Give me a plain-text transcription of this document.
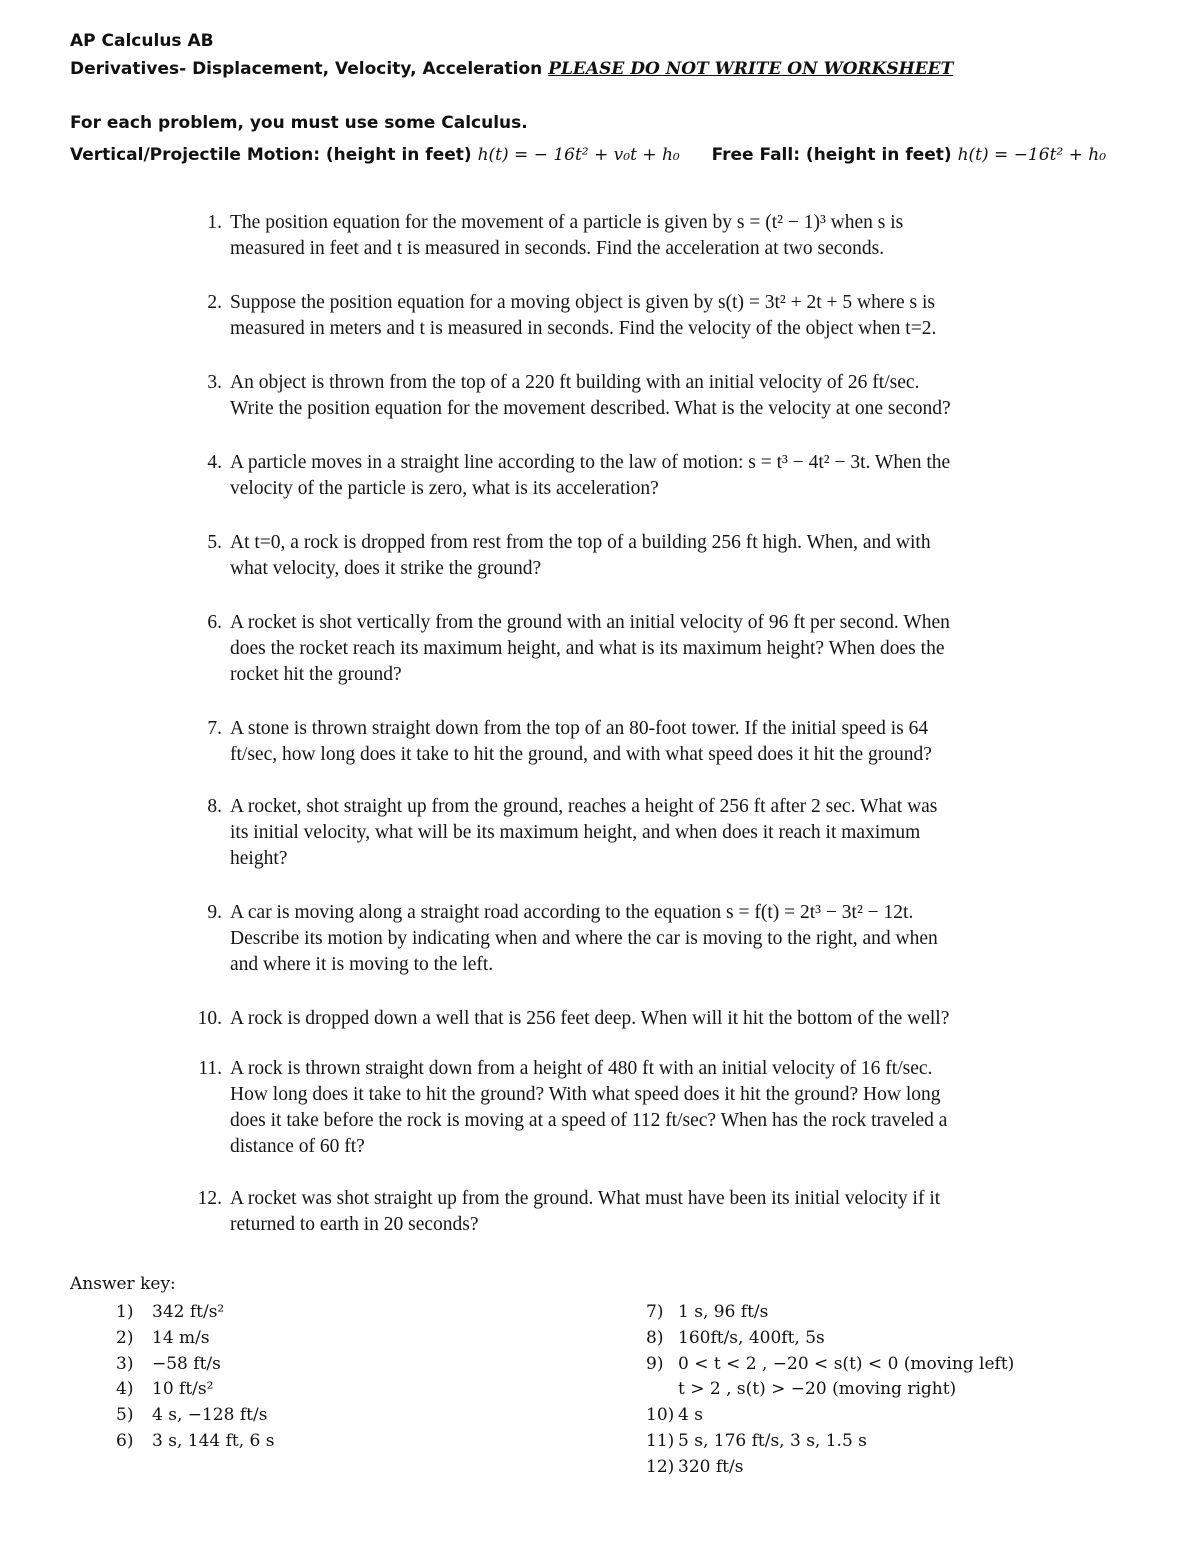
AP Calculus AB
Derivatives- Displacement, Velocity, Acceleration PLEASE DO NOT WRITE ON WORKSHEET
For each problem, you must use some Calculus.
Vertical/Projectile Motion: (height in feet) h(t) = − 16t² + v₀t + h₀ Free Fall: (height in feet) h(t) = −16t² + h₀
1. The position equation for the movement of a particle is given by s = (t² − 1)³ when s is
measured in feet and t is measured in seconds. Find the acceleration at two seconds.
2. Suppose the position equation for a moving object is given by s(t) = 3t² + 2t + 5 where s is
measured in meters and t is measured in seconds. Find the velocity of the object when t=2.
3. An object is thrown from the top of a 220 ft building with an initial velocity of 26 ft/sec.
Write the position equation for the movement described. What is the velocity at one second?
4. A particle moves in a straight line according to the law of motion: s = t³ − 4t² − 3t. When the
velocity of the particle is zero, what is its acceleration?
5. At t=0, a rock is dropped from rest from the top of a building 256 ft high. When, and with
what velocity, does it strike the ground?
6. A rocket is shot vertically from the ground with an initial velocity of 96 ft per second. When
does the rocket reach its maximum height, and what is its maximum height? When does the
rocket hit the ground?
7. A stone is thrown straight down from the top of an 80-foot tower. If the initial speed is 64
ft/sec, how long does it take to hit the ground, and with what speed does it hit the ground?
8. A rocket, shot straight up from the ground, reaches a height of 256 ft after 2 sec. What was
its initial velocity, what will be its maximum height, and when does it reach it maximum
height?
9. A car is moving along a straight road according to the equation s = f(t) = 2t³ − 3t² − 12t.
Describe its motion by indicating when and where the car is moving to the right, and when
and where it is moving to the left.
10. A rock is dropped down a well that is 256 feet deep. When will it hit the bottom of the well?
11. A rock is thrown straight down from a height of 480 ft with an initial velocity of 16 ft/sec.
How long does it take to hit the ground? With what speed does it hit the ground? How long
does it take before the rock is moving at a speed of 112 ft/sec? When has the rock traveled a
distance of 60 ft?
12. A rocket was shot straight up from the ground. What must have been its initial velocity if it
returned to earth in 20 seconds?
Answer key:
1) 342 ft/s²
2) 14 m/s
3) −58 ft/s
4) 10 ft/s²
5) 4 s, −128 ft/s
6) 3 s, 144 ft, 6 s
7) 1 s, 96 ft/s
8) 160ft/s, 400ft, 5s
9) 0 < t < 2 , −20 < s(t) < 0 (moving left)
t > 2 , s(t) > −20 (moving right)
10) 4 s
11) 5 s, 176 ft/s, 3 s, 1.5 s
12) 320 ft/s
